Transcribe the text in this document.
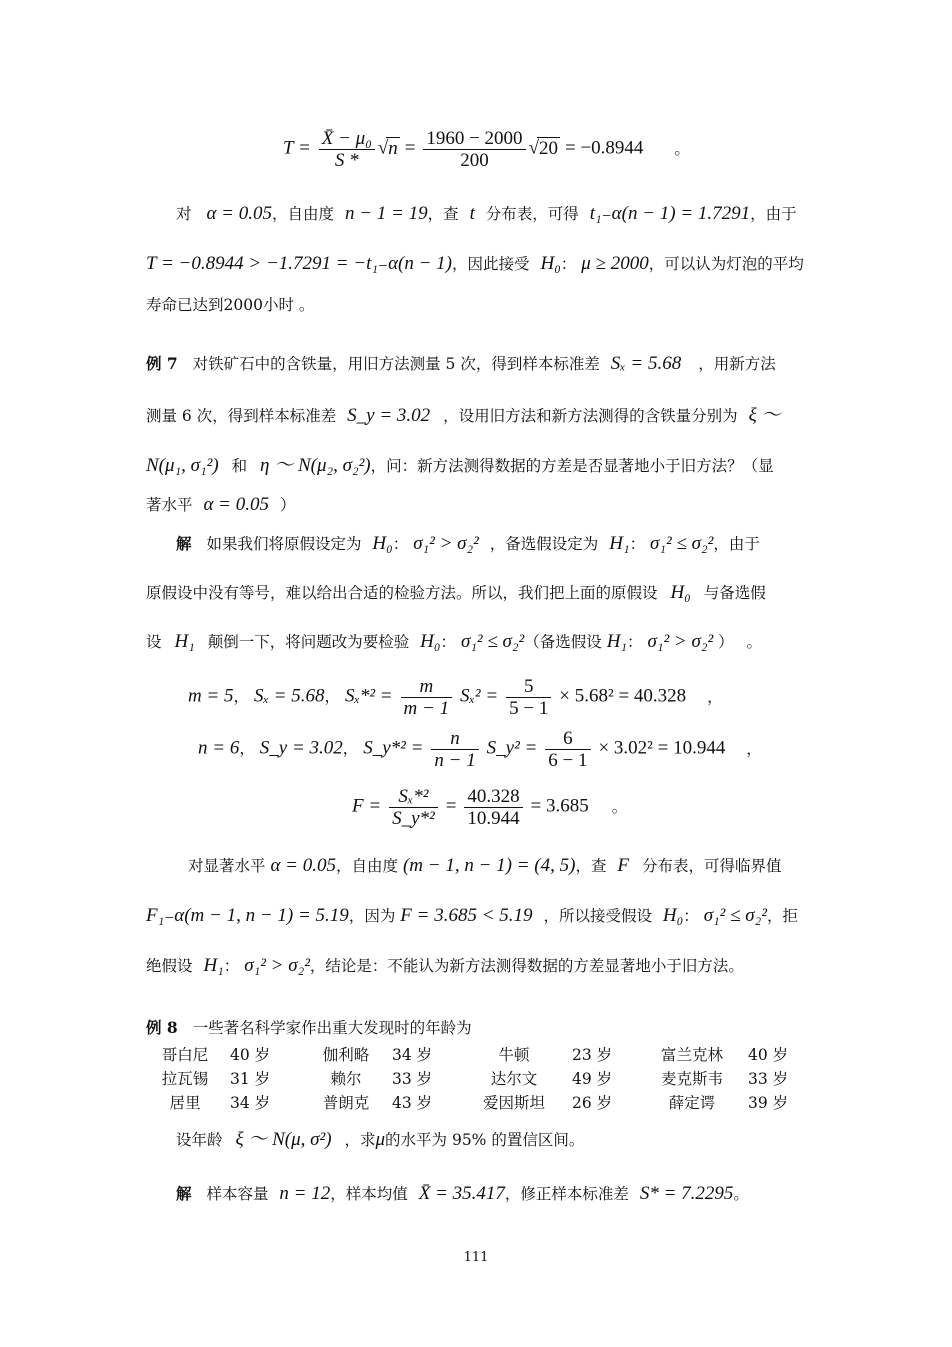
$T = \frac{\text{X̄ − μ₀}}{S *} √n = \frac{1960 - 2000}{200} √20 = -0.8944$ 。
对 α = 0.05，自由度 n − 1 = 19，查 t 分布表，可得 t₁₋α(n − 1) = 1.7291，由于
T = −0.8944 > −1.7291 = −t₁₋α(n − 1)，因此接受 H₀： μ ≥ 2000，可以认为灯泡的平均
寿命已达到2000小时 。
例 7 对铁矿石中的含铁量，用旧方法测量 5 次，得到样本标准差 Sₓ = 5.68 ，用新方法
测量 6 次，得到样本标准差 S_y = 3.02 ，设用旧方法和新方法测得的含铁量分别为 ξ ～
N(μ₁, σ₁²) 和 η ～ N(μ₂, σ₂²)，问：新方法测得数据的方差是否显著地小于旧方法？（显
著水平 α = 0.05 ）
解 如果我们将原假设定为 H₀： σ₁² > σ₂² ，备选假设定为 H₁： σ₁² ≤ σ₂²，由于
原假设中没有等号，难以给出合适的检验方法。所以，我们把上面的原假设 H₀ 与备选假
设 H₁ 颠倒一下，将问题改为要检验 H₀： σ₁² ≤ σ₂²（备选假设 H₁： σ₁² > σ₂² ） 。
m = 5， Sₓ = 5.68， $S_x*^2 = \frac{m}{m - 1} S_x^2 = \frac{5}{5 - 1} \times 5.68^2 = 40.328$ ，
n = 6， S_y = 3.02， S_y*² = $\frac{n}{n - 1}$ S_y² = $\frac{6}{6 - 1} \times 3.02^2 = 10.944$ ，
$F = \frac{\text{Sₓ*²}}{\text{S\_y*²}} = \frac{40.328}{10.944} = 3.685$ 。
对显著水平 α = 0.05，自由度 (m − 1, n − 1) = (4, 5)，查 F 分布表，可得临界值
F₁₋α(m − 1, n − 1) = 5.19，因为 F = 3.685 < 5.19 ，所以接受假设 H₀： σ₁² ≤ σ₂²，拒
绝假设 H₁： σ₁² > σ₂²，结论是：不能认为新方法测得数据的方差显著地小于旧方法。
例 8 一些著名科学家作出重大发现时的年龄为
哥白尼	40 岁	伽利略	34 岁	牛顿	23 岁	富兰克林	40 岁
拉瓦锡	31 岁	赖尔	33 岁	达尔文	49 岁	麦克斯韦	33 岁
居里	34 岁	普朗克	43 岁	爱因斯坦	26 岁	薛定谔	39 岁
设年龄 ξ ～ N(μ, σ²) ，求μ的水平为 95% 的置信区间。
解 样本容量 n = 12，样本均值 X̄ = 35.417，修正样本标准差 S* = 7.2295。
111
